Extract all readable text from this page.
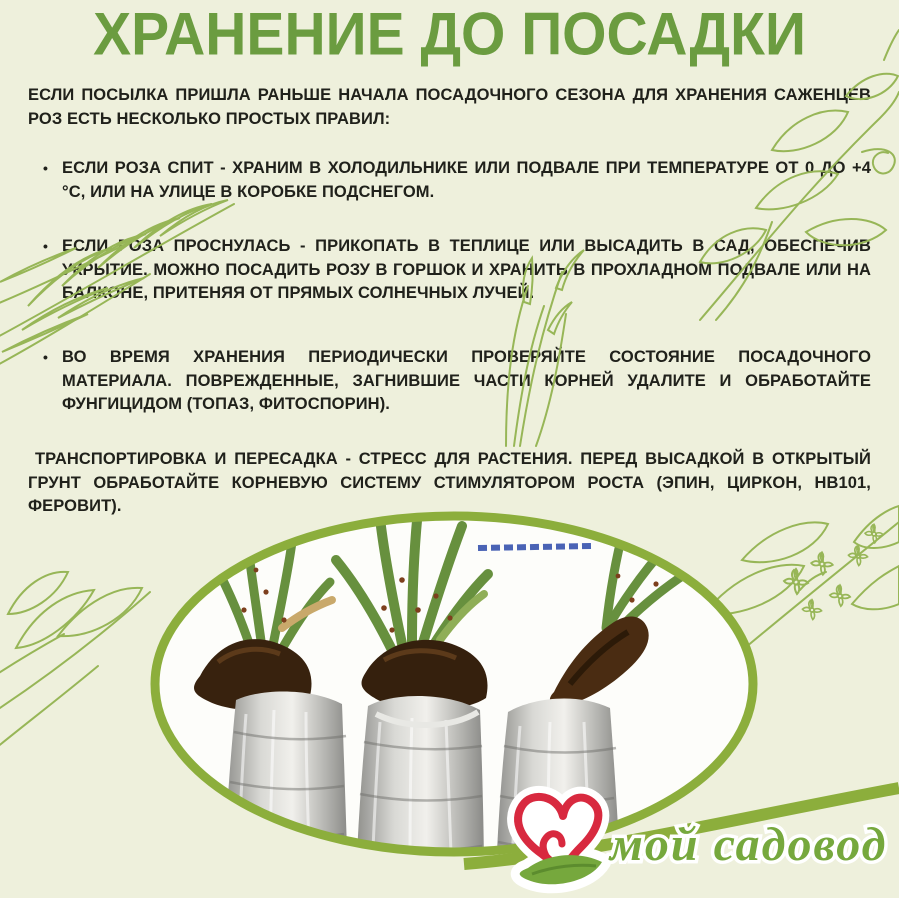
ХРАНЕНИЕ ДО ПОСАДКИ
ЕСЛИ ПОСЫЛКА ПРИШЛА РАНЬШЕ НАЧАЛА ПОСАДОЧНОГО СЕЗОНА ДЛЯ ХРАНЕНИЯ САЖЕНЦЕВ РОЗ ЕСТЬ НЕСКОЛЬКО ПРОСТЫХ ПРАВИЛ:
• ЕСЛИ РОЗА СПИТ - ХРАНИМ В ХОЛОДИЛЬНИКЕ ИЛИ ПОДВАЛЕ ПРИ ТЕМПЕРАТУРЕ ОТ 0 ДО +4 °C, ИЛИ НА УЛИЦЕ В КОРОБКЕ ПОДСНЕГОМ.
• ЕСЛИ РОЗА ПРОСНУЛАСЬ - ПРИКОПАТЬ В ТЕПЛИЦЕ ИЛИ ВЫСАДИТЬ В САД, ОБЕСПЕЧИВ УКРЫТИЕ. МОЖНО ПОСАДИТЬ РОЗУ В ГОРШОК И ХРАНИТЬ В ПРОХЛАДНОМ ПОДВАЛЕ ИЛИ НА БАЛКОНЕ, ПРИТЕНЯЯ ОТ ПРЯМЫХ СОЛНЕЧНЫХ ЛУЧЕЙ.
• ВО ВРЕМЯ ХРАНЕНИЯ ПЕРИОДИЧЕСКИ ПРОВЕРЯЙТЕ СОСТОЯНИЕ ПОСАДОЧНОГО МАТЕРИАЛА. ПОВРЕЖДЕННЫЕ, ЗАГНИВШИЕ ЧАСТИ КОРНЕЙ УДАЛИТЕ И ОБРАБОТАЙТЕ ФУНГИЦИДОМ (ТОПАЗ, ФИТОСПОРИН).
ТРАНСПОРТИРОВКА И ПЕРЕСАДКА - СТРЕСС ДЛЯ РАСТЕНИЯ. ПЕРЕД ВЫСАДКОЙ В ОТКРЫТЫЙ ГРУНТ ОБРАБОТАЙТЕ КОРНЕВУЮ СИСТЕМУ СТИМУЛЯТОРОМ РОСТА (ЭПИН, ЦИРКОН, НВ101, ФЕРОВИТ).
мой садовод
